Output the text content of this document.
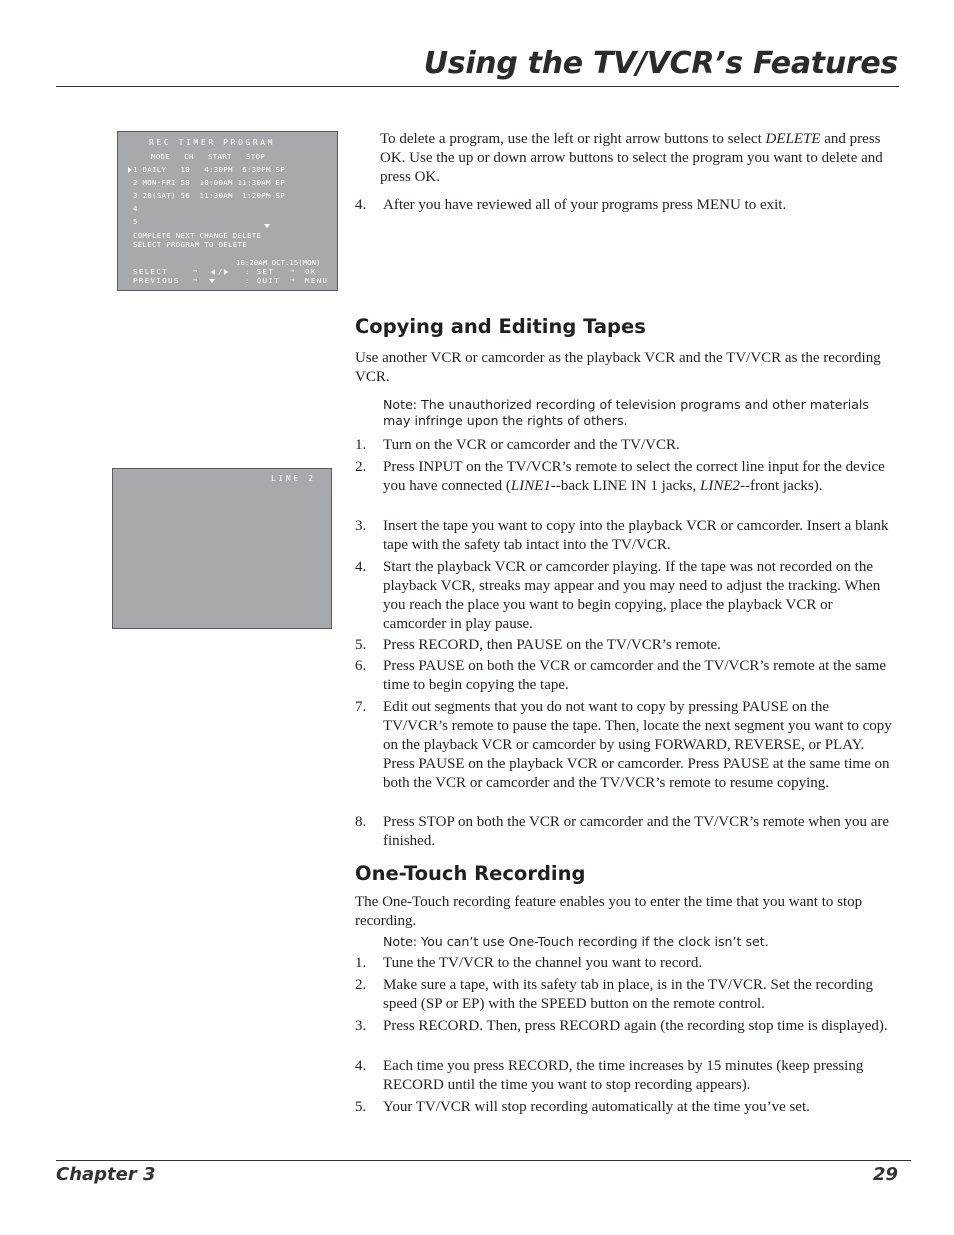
Using the TV/VCR’s Features
REC TIMER PROGRAM
MODE   CH   START   STOP
1 DAILY   10   4:30PM  6:30PM SP
2 MON-FRI 58  10:00AM 11:30AM EP
3 20(SAT) 56  11:30AM  1:20PM SP
4
5
COMPLETE NEXT CHANGE DELETE
SELECT PROGRAM TO DELETE
10:20AM OCT.15(MON)
SELECT	→	/	: SET → OK
PREVIOUS →	: QUIT → MENU
LINE 2

To delete a program, use the left or right arrow buttons to select DELETE and press OK. Use the up or down arrow buttons to select the program you want to delete and press OK.

4. After you have reviewed all of your programs press MENU to exit.
Copying and Editing Tapes

Use another VCR or camcorder as the playback VCR and the TV/VCR as the recording VCR.

Note: The unauthorized recording of television programs and other materials may infringe upon the rights of others.

1. Turn on the VCR or camcorder and the TV/VCR.
2. Press INPUT on the TV/VCR’s remote to select the correct line input for the device you have connected (LINE1--back LINE IN 1 jacks, LINE2--front jacks).
3. Insert the tape you want to copy into the playback VCR or camcorder. Insert a blank tape with the safety tab intact into the TV/VCR.
4. Start the playback VCR or camcorder playing. If the tape was not recorded on the playback VCR, streaks may appear and you may need to adjust the tracking. When you reach the place you want to begin copying, place the playback VCR or camcorder in play pause.
5. Press RECORD, then PAUSE on the TV/VCR’s remote.
6. Press PAUSE on both the VCR or camcorder and the TV/VCR’s remote at the same time to begin copying the tape.
7. Edit out segments that you do not want to copy by pressing PAUSE on the TV/VCR’s remote to pause the tape. Then, locate the next segment you want to copy on the playback VCR or camcorder by using FORWARD, REVERSE, or PLAY. Press PAUSE on the playback VCR or camcorder. Press PAUSE at the same time on both the VCR or camcorder and the TV/VCR’s remote to resume copying.
8. Press STOP on both the VCR or camcorder and the TV/VCR’s remote when you are finished.
One-Touch Recording

The One-Touch recording feature enables you to enter the time that you want to stop recording.

Note: You can’t use One-Touch recording if the clock isn’t set.

1. Tune the TV/VCR to the channel you want to record.
2. Make sure a tape, with its safety tab in place, is in the TV/VCR. Set the recording speed (SP or EP) with the SPEED button on the remote control.
3. Press RECORD. Then, press RECORD again (the recording stop time is displayed).
4. Each time you press RECORD, the time increases by 15 minutes (keep pressing RECORD until the time you want to stop recording appears).
5. Your TV/VCR will stop recording automatically at the time you’ve set.
Chapter 3	29
